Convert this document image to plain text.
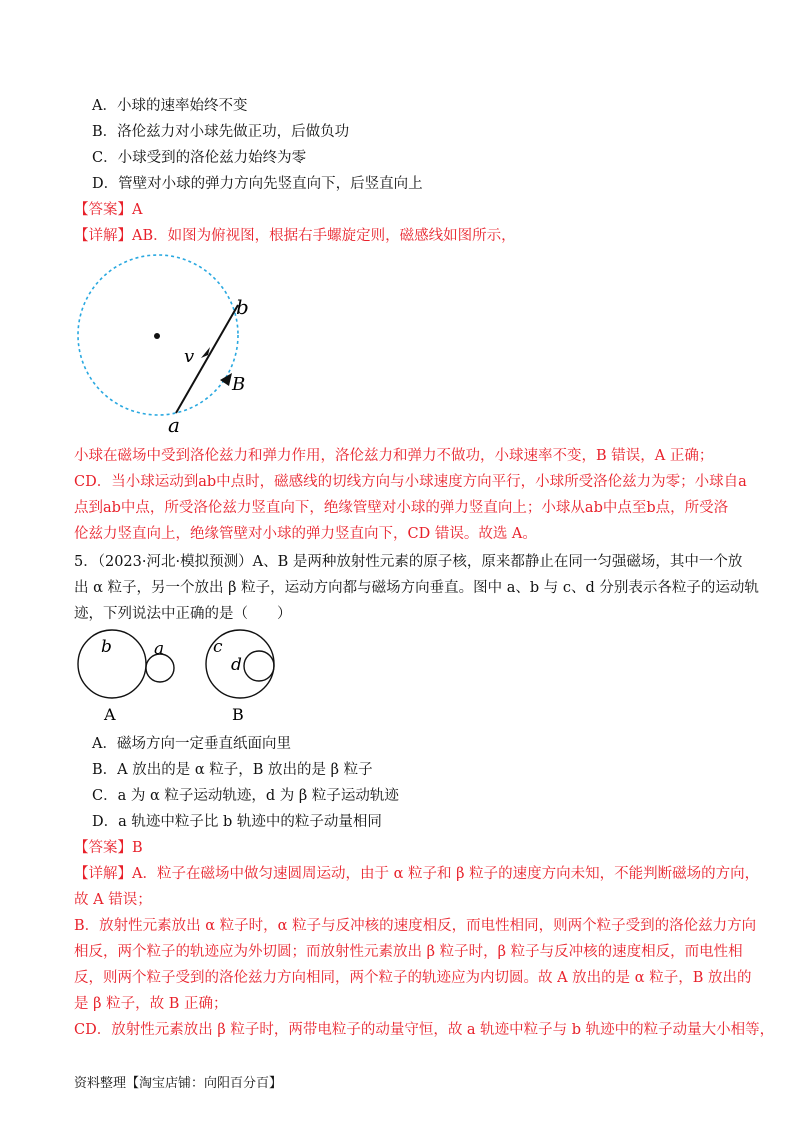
A．小球的速率始终不变
B．洛伦兹力对小球先做正功，后做负功
C．小球受到的洛伦兹力始终为零
D．管壁对小球的弹力方向先竖直向下，后竖直向上
【答案】A
【详解】AB．如图为俯视图，根据右手螺旋定则，磁感线如图所示，
b
v
B
a
小球在磁场中受到洛伦兹力和弹力作用，洛伦兹力和弹力不做功，小球速率不变，B 错误，A 正确；
CD．当小球运动到ab中点时，磁感线的切线方向与小球速度方向平行，小球所受洛伦兹力为零；小球自a
点到ab中点，所受洛伦兹力竖直向下，绝缘管壁对小球的弹力竖直向上；小球从ab中点至b点，所受洛
伦兹力竖直向上，绝缘管壁对小球的弹力竖直向下，CD 错误。故选 A。
5．（2023·河北·模拟预测）A、B 是两种放射性元素的原子核，原来都静止在同一匀强磁场，其中一个放
出 α 粒子，另一个放出 β 粒子，运动方向都与磁场方向垂直。图中 a、b 与 c、d 分别表示各粒子的运动轨
迹，下列说法中正确的是（　　）
b a	c
d
A	B
A．磁场方向一定垂直纸面向里
B．A 放出的是 α 粒子，B 放出的是 β 粒子
C．a 为 α 粒子运动轨迹，d 为 β 粒子运动轨迹
D．a 轨迹中粒子比 b 轨迹中的粒子动量相同
【答案】B
【详解】A．粒子在磁场中做匀速圆周运动，由于 α 粒子和 β 粒子的速度方向未知，不能判断磁场的方向，
故 A 错误；
B．放射性元素放出 α 粒子时，α 粒子与反冲核的速度相反，而电性相同，则两个粒子受到的洛伦兹力方向
相反，两个粒子的轨迹应为外切圆；而放射性元素放出 β 粒子时，β 粒子与反冲核的速度相反，而电性相
反，则两个粒子受到的洛伦兹力方向相同，两个粒子的轨迹应为内切圆。故 A 放出的是 α 粒子，B 放出的
是 β 粒子，故 B 正确；
CD．放射性元素放出 β 粒子时，两带电粒子的动量守恒，故 a 轨迹中粒子与 b 轨迹中的粒子动量大小相等，
资料整理【淘宝店铺：向阳百分百】
